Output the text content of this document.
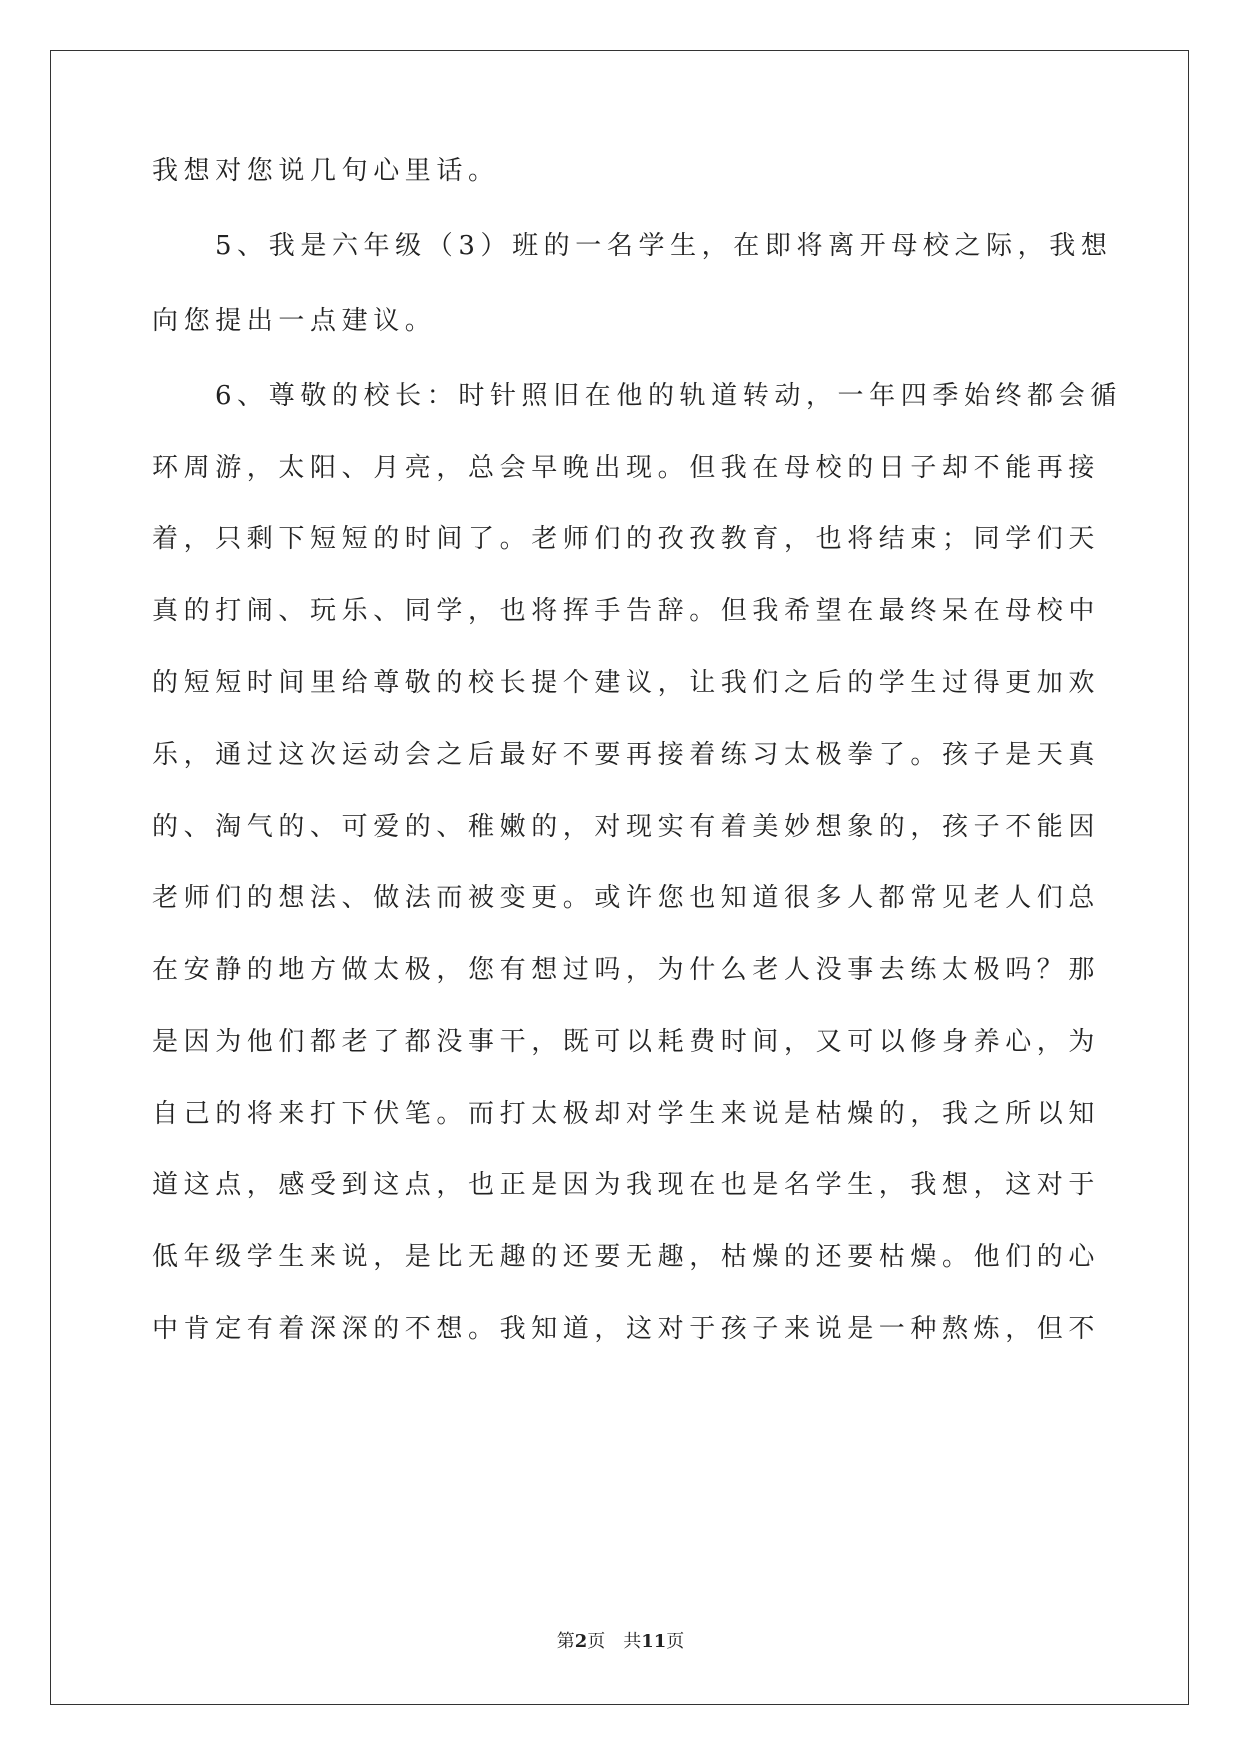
我想对您说几句心里话。
5、我是六年级（3）班的一名学生，在即将离开母校之际，我想
向您提出一点建议。
6、尊敬的校长：时针照旧在他的轨道转动，一年四季始终都会循
环周游，太阳、月亮，总会早晚出现。但我在母校的日子却不能再接
着，只剩下短短的时间了。老师们的孜孜教育，也将结束；同学们天
真的打闹、玩乐、同学，也将挥手告辞。但我希望在最终呆在母校中
的短短时间里给尊敬的校长提个建议，让我们之后的学生过得更加欢
乐，通过这次运动会之后最好不要再接着练习太极拳了。孩子是天真
的、淘气的、可爱的、稚嫩的，对现实有着美妙想象的，孩子不能因
老师们的想法、做法而被变更。或许您也知道很多人都常见老人们总
在安静的地方做太极，您有想过吗，为什么老人没事去练太极吗？那
是因为他们都老了都没事干，既可以耗费时间，又可以修身养心，为
自己的将来打下伏笔。而打太极却对学生来说是枯燥的，我之所以知
道这点，感受到这点，也正是因为我现在也是名学生，我想，这对于
低年级学生来说，是比无趣的还要无趣，枯燥的还要枯燥。他们的心
中肯定有着深深的不想。我知道，这对于孩子来说是一种熬炼，但不
第2页 共11页
